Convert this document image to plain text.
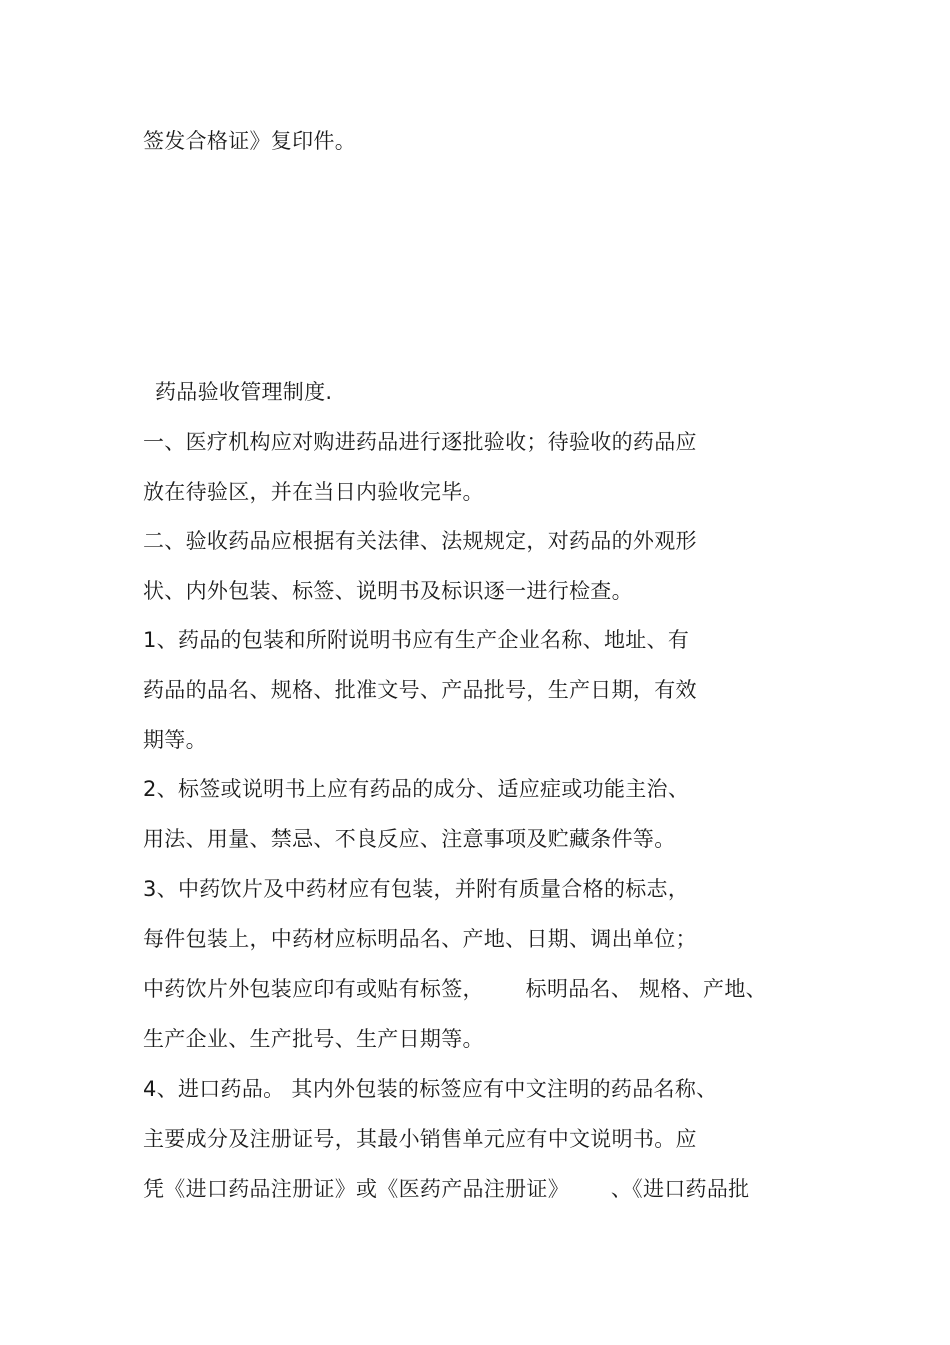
签发合格证》复印件。
药品验收管理制度.
一、医疗机构应对购进药品进行逐批验收；待验收的药品应
放在待验区，并在当日内验收完毕。
二、验收药品应根据有关法律、法规规定，对药品的外观形
状、内外包装、标签、说明书及标识逐一进行检查。
1、药品的包装和所附说明书应有生产企业名称、地址、有
药品的品名、规格、批准文号、产品批号，生产日期，有效
期等。
2、标签或说明书上应有药品的成分、适应症或功能主治、
用法、用量、禁忌、不良反应、注意事项及贮藏条件等。
3、中药饮片及中药材应有包装，并附有质量合格的标志，
每件包装上，中药材应标明品名、产地、日期、调出单位；
中药饮片外包装应印有或贴有标签，      标明品名、 规格、产地、
生产企业、生产批号、生产日期等。
4、进口药品。 其内外包装的标签应有中文注明的药品名称、
主要成分及注册证号，其最小销售单元应有中文说明书。应
凭《进口药品注册证》或《医药产品注册证》      、《进口药品批
